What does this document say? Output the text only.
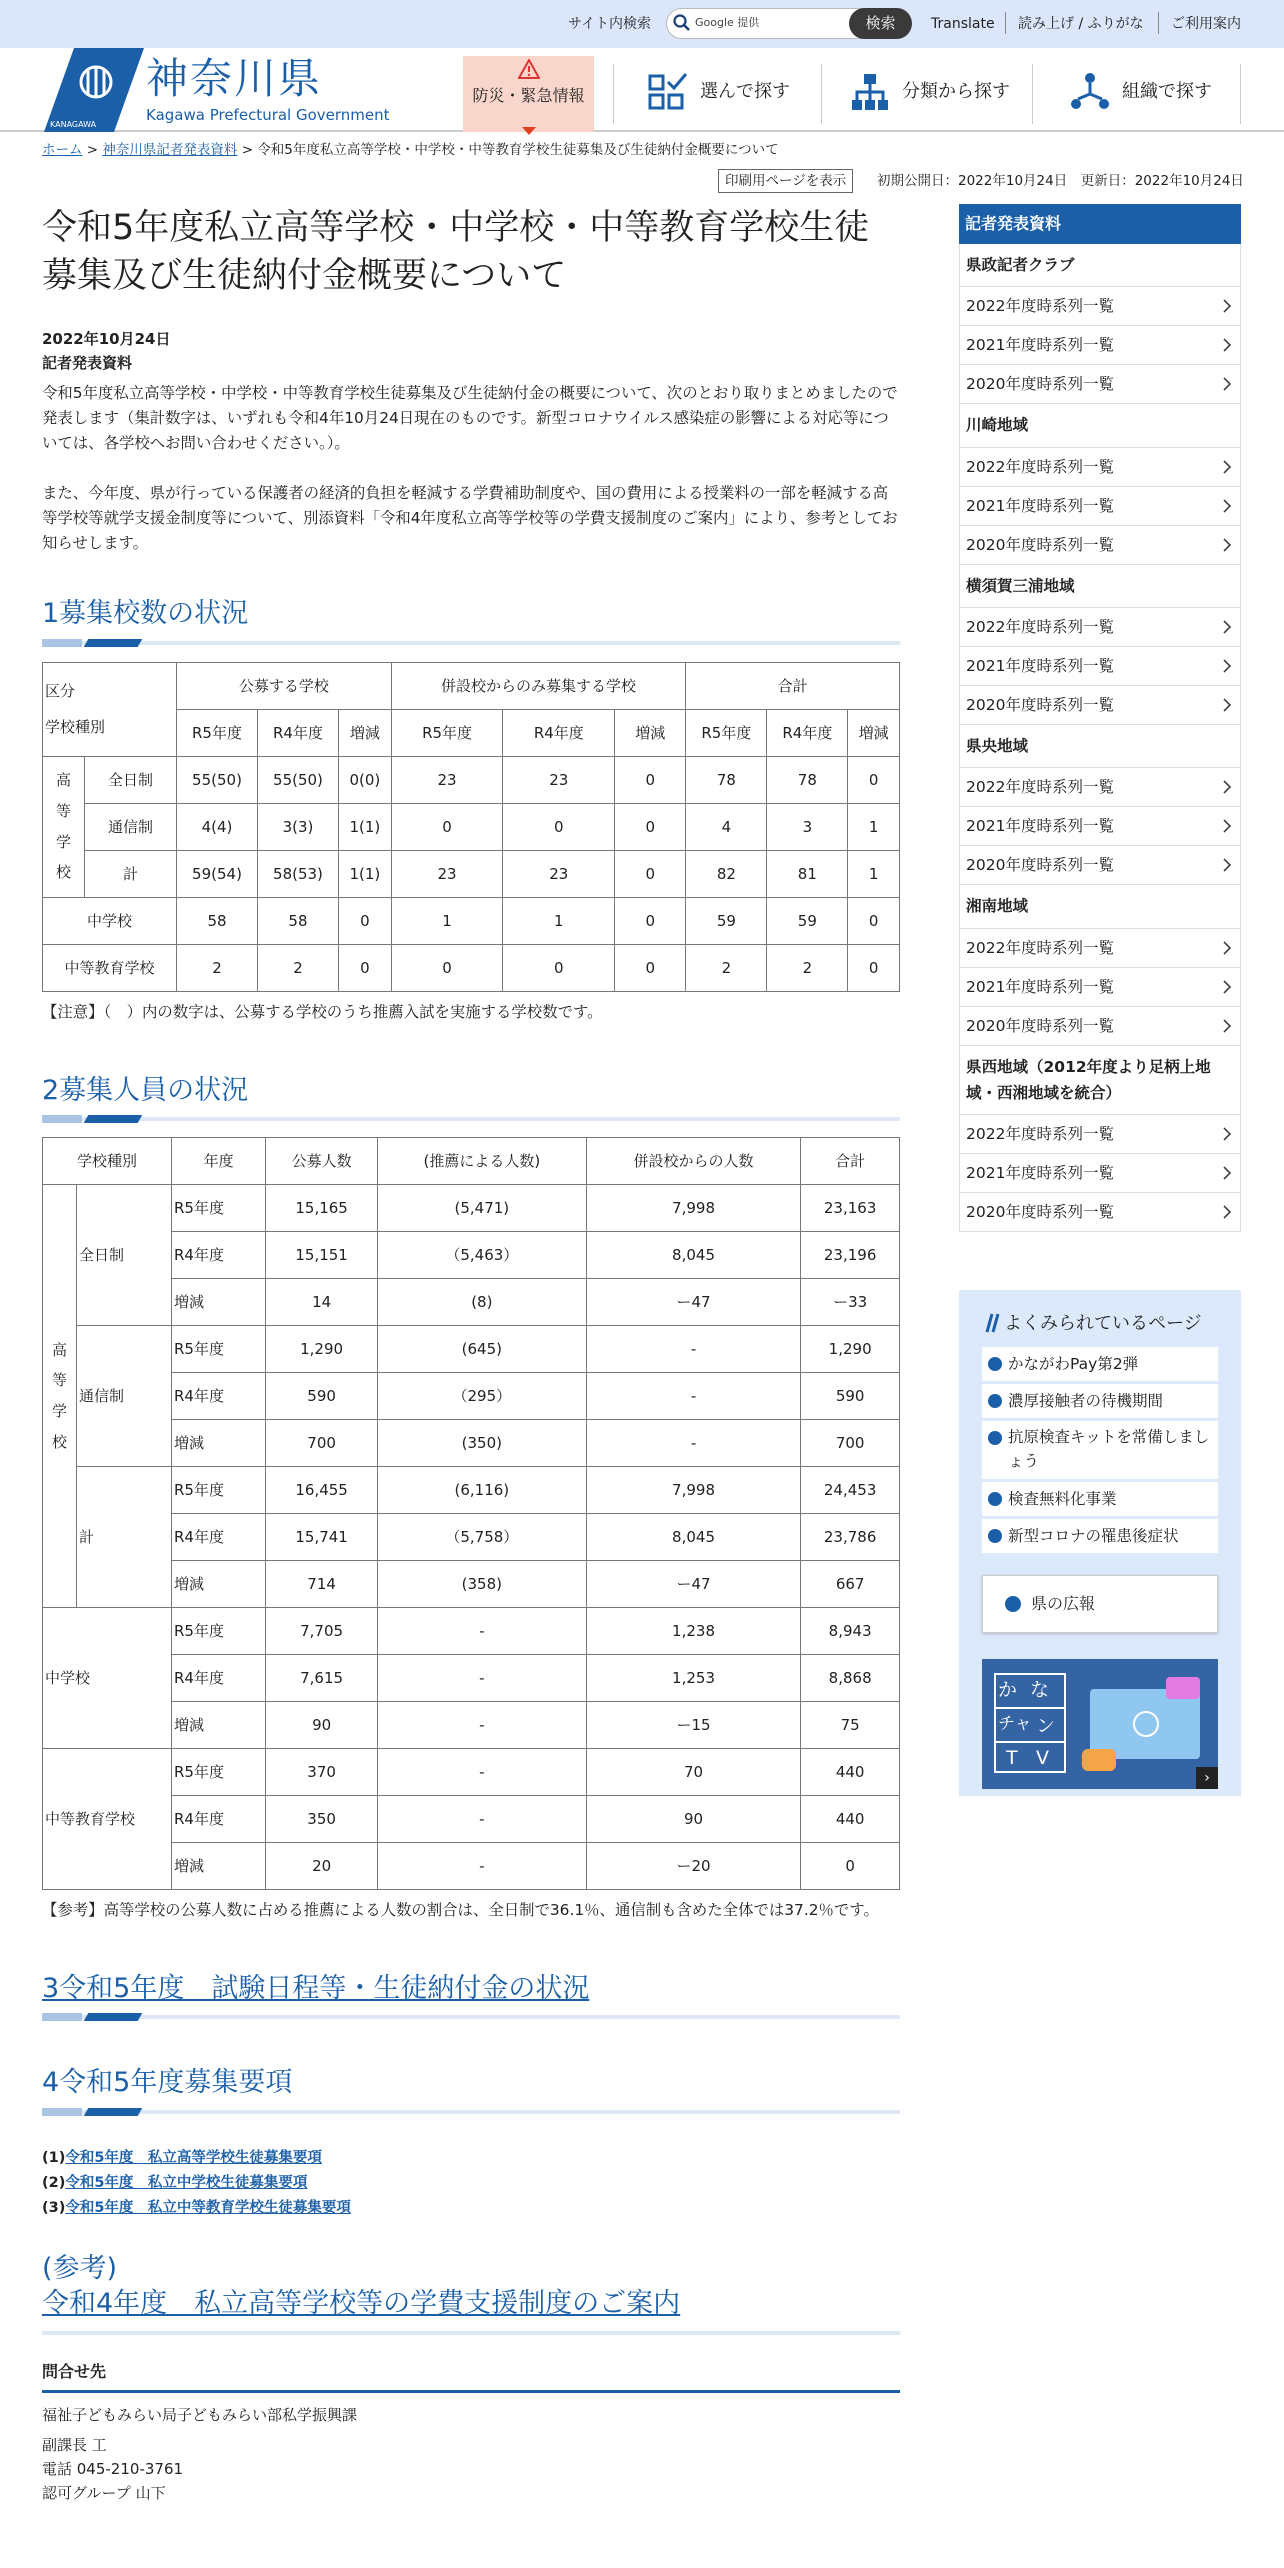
サイト内検索	Google 提供	検索	Translate 読み上げ / ふりがな ご利用案内
KANAGAWA
神奈川県
Kagawa Prefectural Government
防災・緊急情報	選んで探す	分類から探す	組織で探す
ホーム > 神奈川県記者発表資料 > 令和5年度私立高等学校・中学校・中等教育学校生徒募集及び生徒納付金概要について
印刷用ページを表示	初期公開日：2022年10月24日　更新日：2022年10月24日
令和5年度私立高等学校・中学校・中等教育学校生徒募集及び生徒納付金概要について
2022年10月24日
記者発表資料

令和5年度私立高等学校・中学校・中等教育学校生徒募集及び生徒納付金の概要について、次のとおり取りまとめましたので発表します（集計数字は、いずれも令和4年10月24日現在のものです。新型コロナウイルス感染症の影響による対応等については、各学校へお問い合わせください。）。

また、今年度、県が行っている保護者の経済的負担を軽減する学費補助制度や、国の費用による授業料の一部を軽減する高等学校等就学支援金制度等について、別添資料「令和4年度私立高等学校等の学費支援制度のご案内」により、参考としてお知らせします。

1募集校数の状況
区分
学校種別		公募する学校			併設校からのみ募集する学校			合計		
		R5年度	R4年度	増減	R5年度	R4年度	増減	R5年度	R4年度	増減
高
等
学
校	全日制	55(50)	55(50)	0(0)	23	23	0	78	78	0
	通信制	4(4)	3(3)	1(1)	0	0	0	4	3	1
	計	59(54)	58(53)	1(1)	23	23	0	82	81	1
中学校		58	58	0	1	1	0	59	59	0
中等教育学校		2	2	0	0	0	0	2	2	0

【注意】（　）内の数字は、公募する学校のうち推薦入試を実施する学校数です。

2募集人員の状況
学校種別		年度	公募人数	(推薦による人数)	併設校からの人数	合計
高
等
学
校	全日制	R5年度	15,165	(5,471)	7,998	23,163
		R4年度	15,151	（5,463）	8,045	23,196
		増減	14	(8)	ー47	ー33
	通信制	R5年度	1,290	(645)	-	1,290
		R4年度	590	（295）	-	590
		増減	700	(350)	-	700
	計	R5年度	16,455	(6,116)	7,998	24,453
		R4年度	15,741	（5,758）	8,045	23,786
		増減	714	(358)	ー47	667
中学校		R5年度	7,705	-	1,238	8,943
		R4年度	7,615	-	1,253	8,868
		増減	90	-	ー15	75
中等教育学校		R5年度	370	-	70	440
		R4年度	350	-	90	440
		増減	20	-	ー20	0

【参考】高等学校の公募人数に占める推薦による人数の割合は、全日制で36.1％、通信制も含めた全体では37.2％です。

3令和5年度　試験日程等・生徒納付金の状況
4令和5年度募集要項
(1)令和5年度　私立高等学校生徒募集要項
(2)令和5年度　私立中学校生徒募集要項
(3)令和5年度　私立中等教育学校生徒募集要項
(参考)
令和4年度　私立高等学校等の学費支援制度のご案内
問合せ先
福祉子どもみらい局子どもみらい部私学振興課
副課長 工
電話 045-210-3761
認可グループ 山下
記者発表資料
県政記者クラブ
2022年度時系列一覧
2021年度時系列一覧
2020年度時系列一覧
川崎地域
2022年度時系列一覧
2021年度時系列一覧
2020年度時系列一覧
横須賀三浦地域
2022年度時系列一覧
2021年度時系列一覧
2020年度時系列一覧
県央地域
2022年度時系列一覧
2021年度時系列一覧
2020年度時系列一覧
湘南地域
2022年度時系列一覧
2021年度時系列一覧
2020年度時系列一覧
県西地域（2012年度より足柄上地域・西湘地域を統合）
2022年度時系列一覧
2021年度時系列一覧
2020年度時系列一覧
よくみられているページ
かながわPay第2弾
濃厚接触者の待機期間
抗原検査キットを常備しましょう
検査無料化事業
新型コロナの罹患後症状
県の広報
か な
チャ ン
T V
›
